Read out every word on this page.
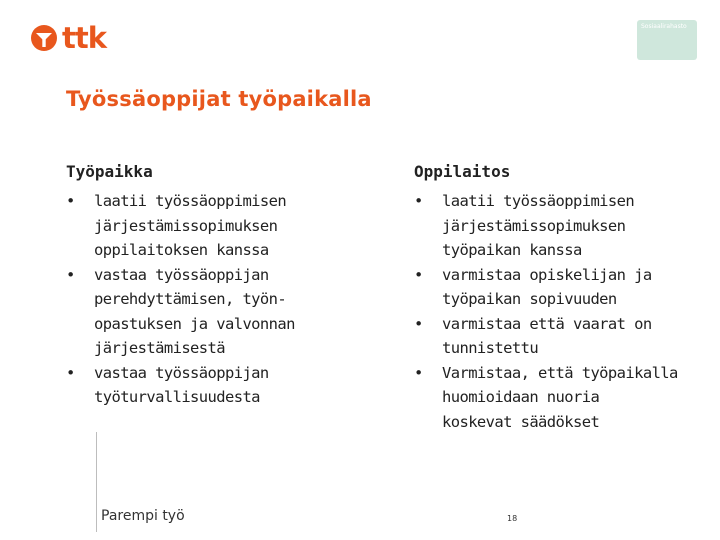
ttk	Sosiaalirahasto
Työssäoppijat työpaikalla
Työpaikka
• laatii työssäoppimisen
järjestämissopimuksen
oppilaitoksen kanssa
• vastaa työssäoppijan
perehdyttämisen, työn-
opastuksen ja valvonnan
järjestämisestä
• vastaa työssäoppijan
työturvallisuudesta
Oppilaitos
• laatii työssäoppimisen
järjestämissopimuksen
työpaikan kanssa
• varmistaa opiskelijan ja
työpaikan sopivuuden
• varmistaa että vaarat on
tunnistettu
• Varmistaa, että työpaikalla
huomioidaan nuoria
koskevat säädökset
Parempi työ	18
